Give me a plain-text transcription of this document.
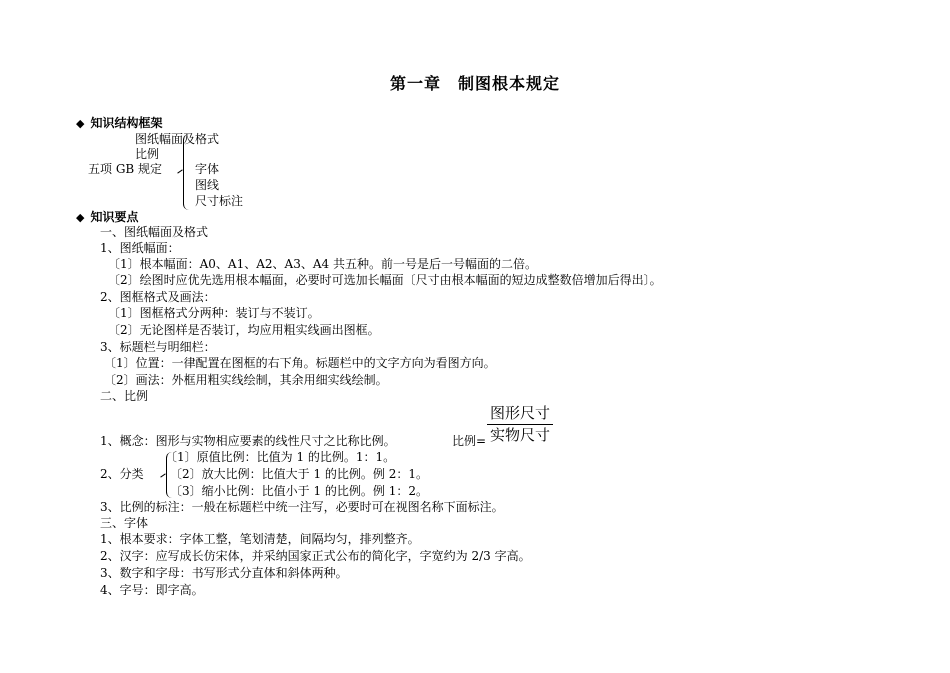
第一章　制图根本规定
◆ 知识结构框架
图纸幅面及格式
比例
五项 GB 规定	字体
图线
尺寸标注
◆ 知识要点
一、图纸幅面及格式
1、图纸幅面：
〔1〕根本幅面：A0、A1、A2、A3、A4 共五种。前一号是后一号幅面的二倍。
〔2〕绘图时应优先选用根本幅面，必要时可选加长幅面〔尺寸由根本幅面的短边成整数倍增加后得出〕。
2、图框格式及画法：
〔1〕图框格式分两种：装订与不装订。
〔2〕无论图样是否装订，均应用粗实线画出图框。
3、标题栏与明细栏：
〔1〕位置：一律配置在图框的右下角。标题栏中的文字方向为看图方向。
〔2〕画法：外框用粗实线绘制，其余用细实线绘制。
二、比例
图形尺寸
实物尺寸
1、概念：图形与实物相应要素的线性尺寸之比称比例。	比例=
〔1〕原值比例：比值为 1 的比例。1：1。
2、分类 〔2〕放大比例：比值大于 1 的比例。例 2：1。
〔3〕缩小比例：比值小于 1 的比例。例 1：2。
3、比例的标注：一般在标题栏中统一注写，必要时可在视图名称下面标注。
三、字体
1、根本要求：字体工整，笔划清楚，间隔均匀，排列整齐。
2、汉字：应写成长仿宋体，并采纳国家正式公布的简化字，字宽约为 2/3 字高。
3、数字和字母：书写形式分直体和斜体两种。
4、字号：即字高。
